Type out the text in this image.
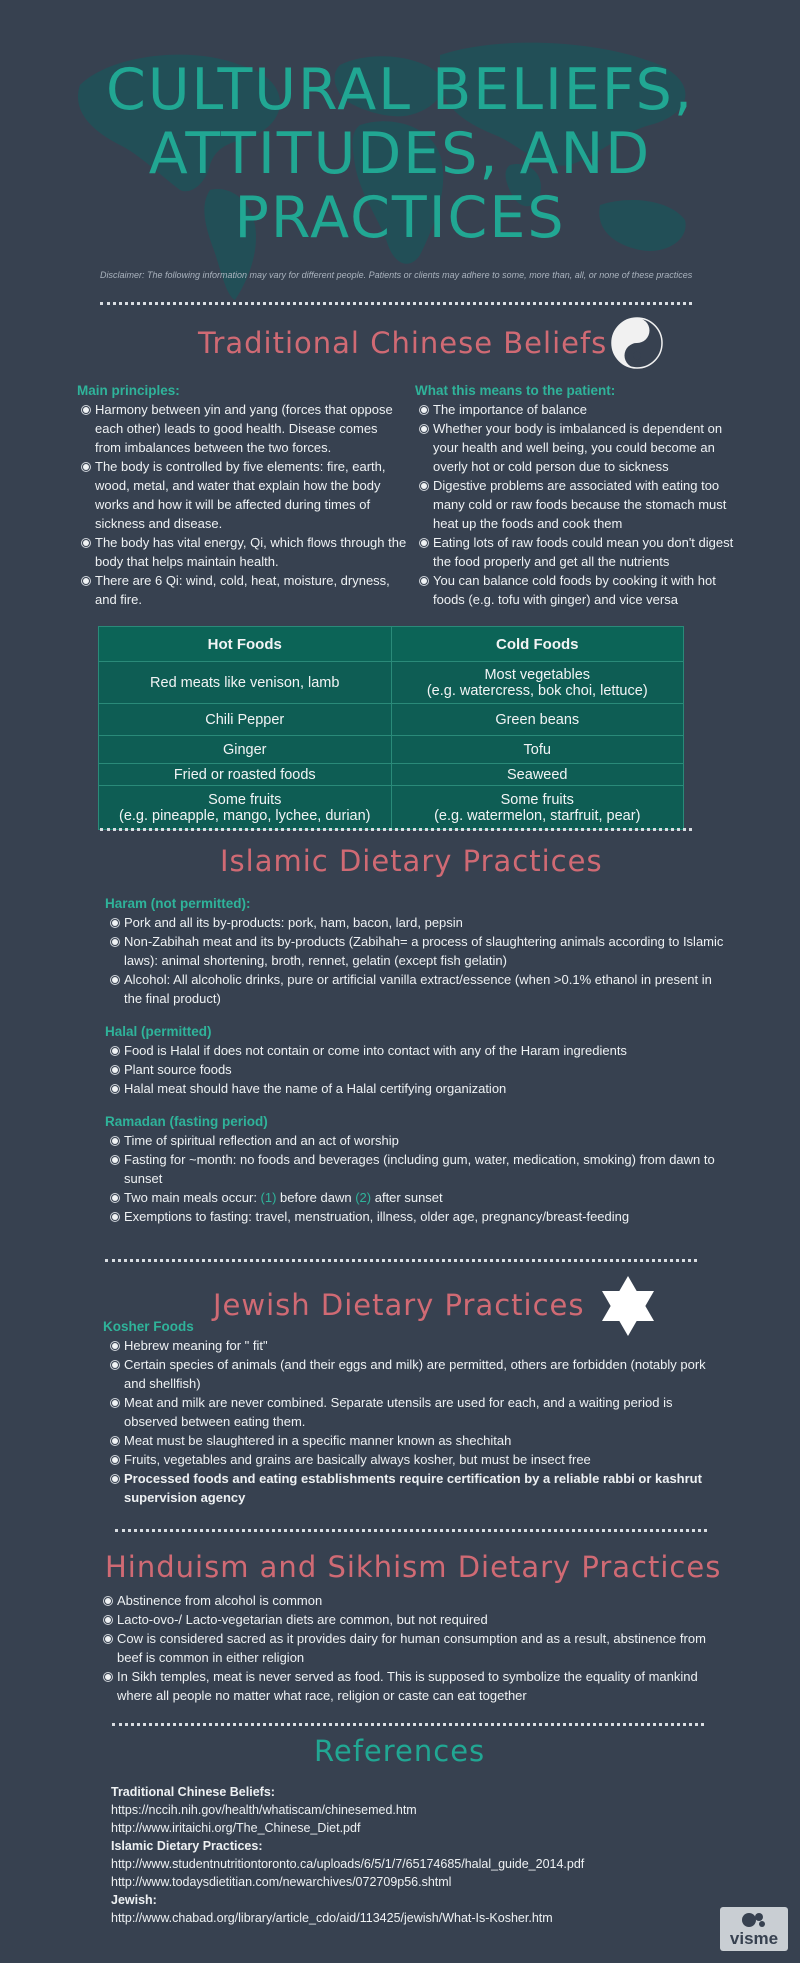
CULTURAL BELIEFS,
ATTITUDES, AND
PRACTICES
Disclaimer: The following information may vary for different people. Patients or clients may adhere to some, more than, all, or none of these practices
Traditional Chinese Beliefs

Main principles:

Harmony between yin and yang (forces that oppose each other) leads to good health. Disease comes from imbalances between the two forces.
The body is controlled by five elements: fire, earth, wood, metal, and water that explain how the body works and how it will be affected during times of sickness and disease.
The body has vital energy, Qi, which flows through the body that helps maintain health.
There are 6 Qi: wind, cold, heat, moisture, dryness, and fire.

What this means to the patient:

The importance of balance
Whether your body is imbalanced is dependent on your health and well being, you could become an overly hot or cold person due to sickness
Digestive problems are associated with eating too many cold or raw foods because the stomach must heat up the foods and cook them
Eating lots of raw foods could mean you don't digest the food properly and get all the nutrients
You can balance cold foods by cooking it with hot foods (e.g. tofu with ginger) and vice versa
Hot Foods	Cold Foods
Red meats like venison, lamb	Most vegetables
(e.g. watercress, bok choi, lettuce)
Chili Pepper	Green beans
Ginger	Tofu
Fried or roasted foods	Seaweed
Some fruits
(e.g. pineapple, mango, lychee, durian)	Some fruits
(e.g. watermelon, starfruit, pear)
Islamic Dietary Practices

Haram (not permitted):

Pork and all its by-products: pork, ham, bacon, lard, pepsin
Non-Zabihah meat and its by-products (Zabihah= a process of slaughtering animals according to Islamic laws): animal shortening, broth, rennet, gelatin (except fish gelatin)
Alcohol: All alcoholic drinks, pure or artificial vanilla extract/essence (when >0.1% ethanol in present in the final product)

Halal (permitted)

Food is Halal if does not contain or come into contact with any of the Haram ingredients
Plant source foods
Halal meat should have the name of a Halal certifying organization

Ramadan (fasting period)

Time of spiritual reflection and an act of worship
Fasting for ~month: no foods and beverages (including gum, water, medication, smoking) from dawn to sunset
Two main meals occur: (1) before dawn (2) after sunset
Exemptions to fasting: travel, menstruation, illness, older age, pregnancy/breast-feeding
Jewish Dietary Practices

Kosher Foods

Hebrew meaning for " fit"
Certain species of animals (and their eggs and milk) are permitted, others are forbidden (notably pork and shellfish)
Meat and milk are never combined. Separate utensils are used for each, and a waiting period is observed between eating them.
Meat must be slaughtered in a specific manner known as shechitah
Fruits, vegetables and grains are basically always kosher, but must be insect free
Processed foods and eating establishments require certification by a reliable rabbi or kashrut supervision agency
Hinduism and Sikhism Dietary Practices
Abstinence from alcohol is common
Lacto-ovo-/ Lacto-vegetarian diets are common, but not required
Cow is considered sacred as it provides dairy for human consumption and as a result, abstinence from beef is common in either religion
In Sikh temples, meat is never served as food. This is supposed to symbolize the equality of mankind where all people no matter what race, religion or caste can eat together
References
Traditional Chinese Beliefs:
https://nccih.nih.gov/health/whatiscam/chinesemed.htm
http://www.iritaichi.org/The_Chinese_Diet.pdf
Islamic Dietary Practices:
http://www.studentnutritiontoronto.ca/uploads/6/5/1/7/65174685/halal_guide_2014.pdf
http://www.todaysdietitian.com/newarchives/072709p56.shtml
Jewish:
http://www.chabad.org/library/article_cdo/aid/113425/jewish/What-Is-Kosher.htm
visme
